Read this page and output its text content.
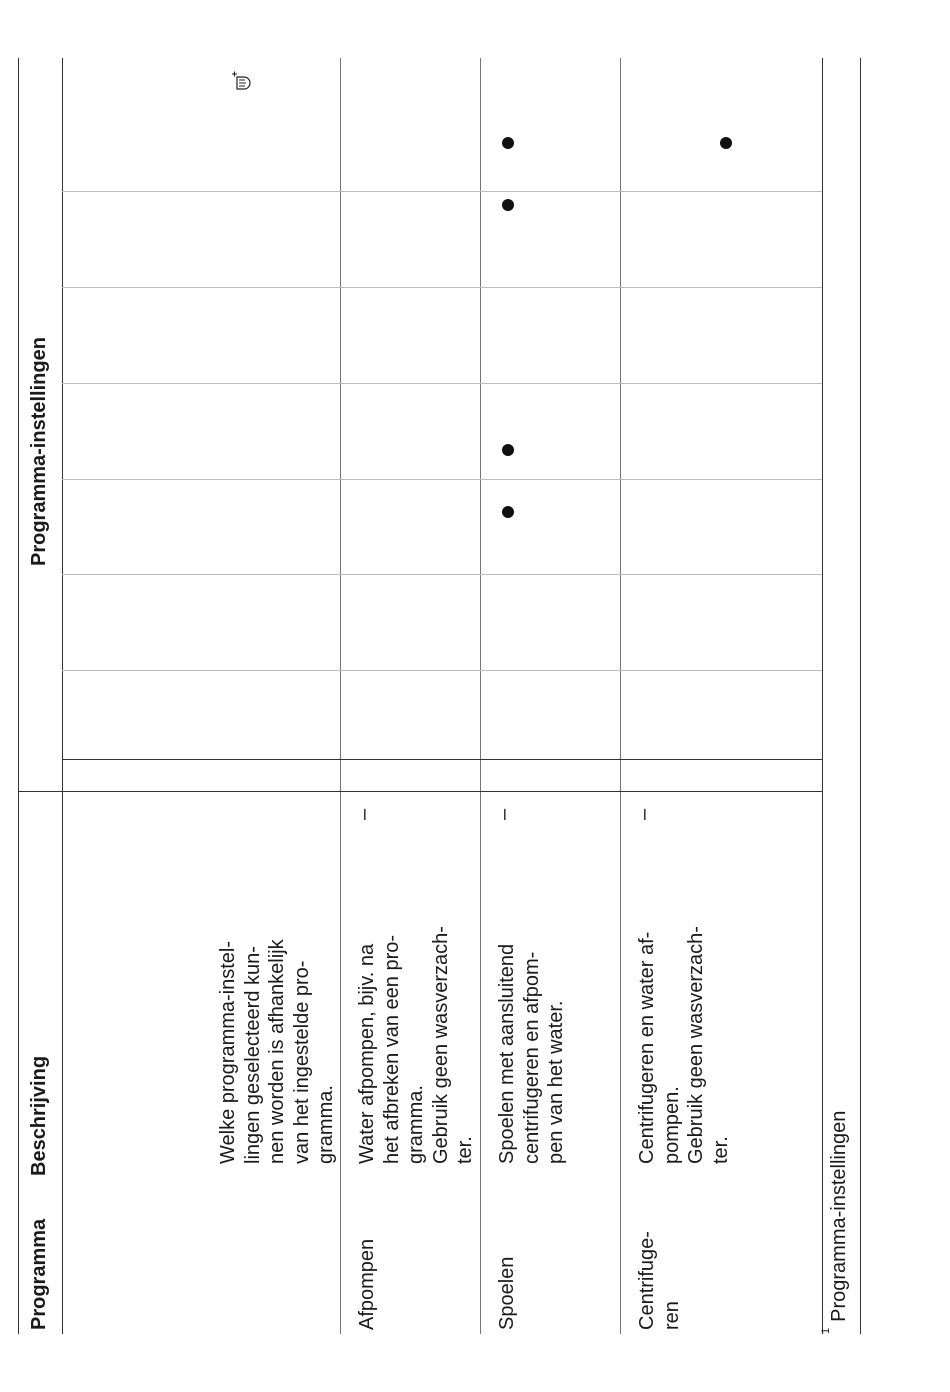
Programma
Beschrijving
Programma-instellingen
Welke programma-instel- lingen geselecteerd kun- nen worden is afhankelijk van het ingestelde pro- gramma.
Afpompen
Water afpompen, bijv. na het afbreken van een pro- gramma. Gebruik geen wasverzach- ter.
–
Spoelen
Spoelen met aansluitend centrifugeren en afpom- pen van het water.
–
Centrifuge- ren
Centrifugeren en water af- pompen. Gebruik geen wasverzach- ter.
–
$^1$Programma-instellingen
